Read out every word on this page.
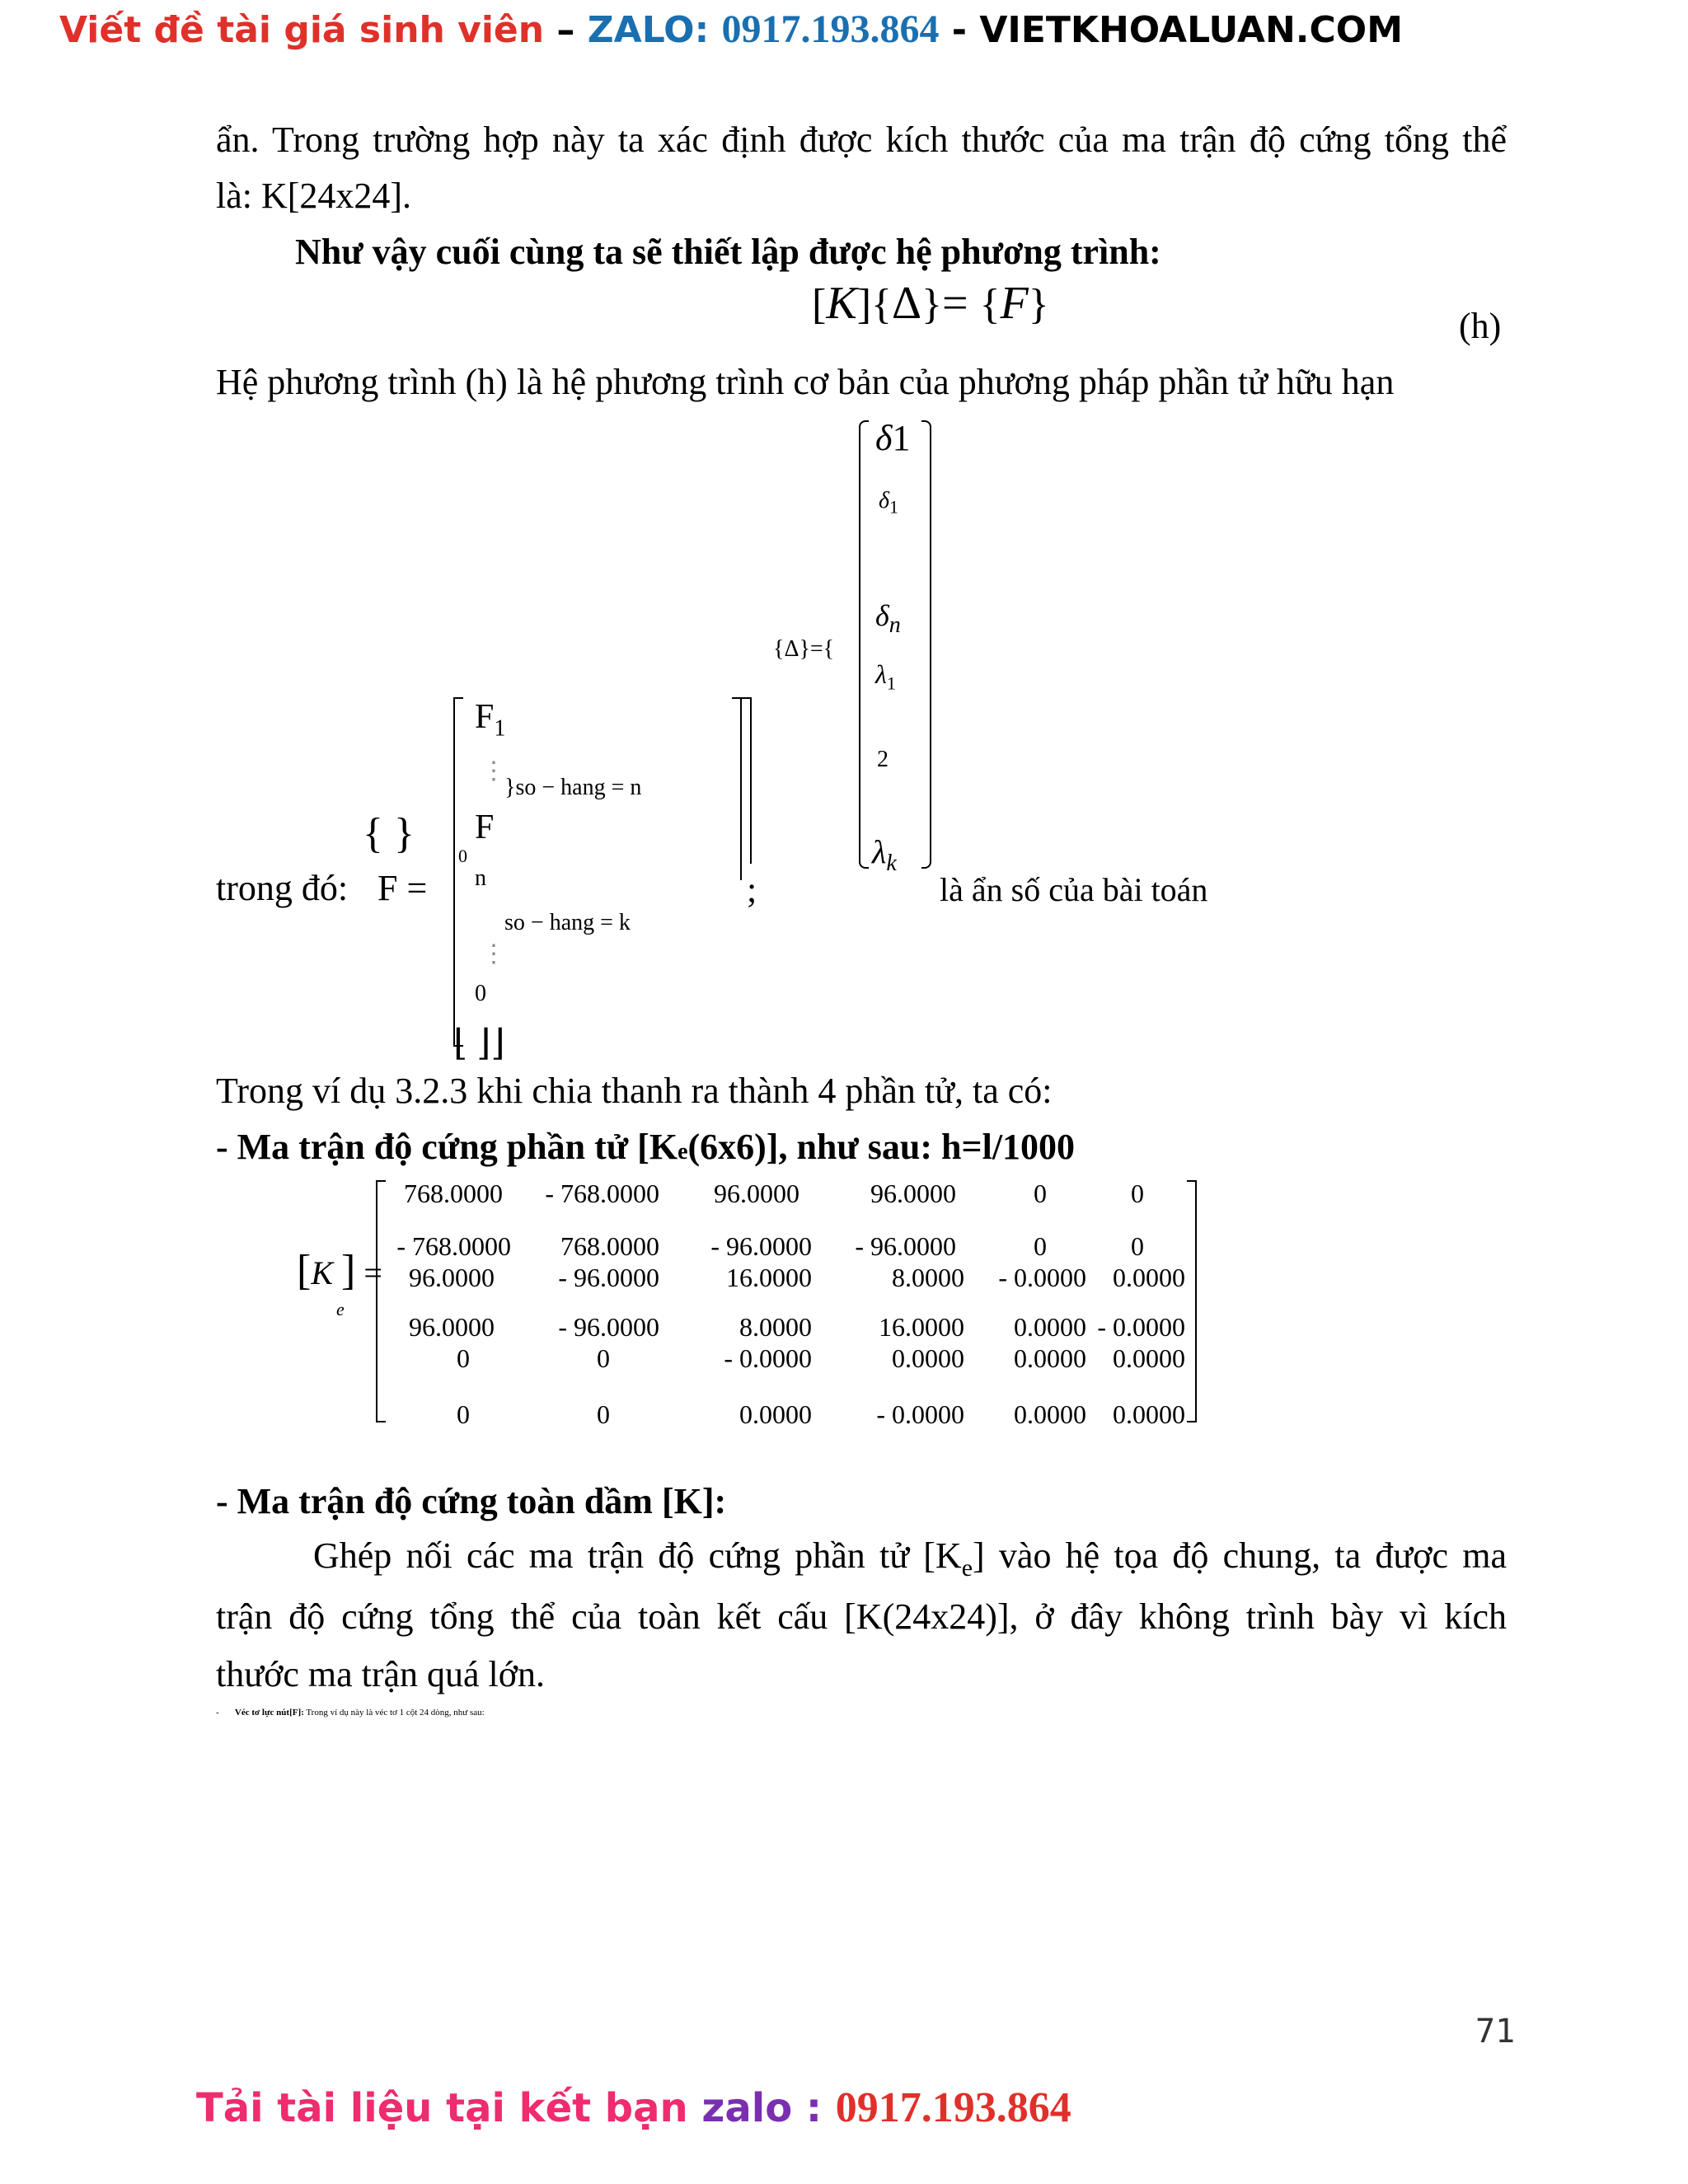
Viết đề tài giá sinh viên – ZALO: 0917.193.864 - VIETKHOALUAN.COM
ẩn. Trong trường hợp này ta xác định được kích thước của ma trận độ cứng tổng thể
là: K[24x24].
Như vậy cuối cùng ta sẽ thiết lập được hệ phương trình:
[K]{Δ}= {F}	(h)
Hệ phương trình (h) là hệ phương trình cơ bản của phương pháp phần tử hữu hạn
δ1
$\delta_1$
$\delta_n$
$\lambda_1$
2
$\lambda_k$
{Δ}={
là ẩn số của bài toán
$F_1$
⋮
}so − hang = n
F
n
0
so − hang = k
⋮
0
⌊ ⌋⌋
trong đó:
{ }
F =	;
Trong ví dụ 3.2.3 khi chia thanh ra thành 4 phần tử, ta có:
- Ma trận độ cứng phần tử [Ke(6x6)], như sau: h=l/1000
[K ] =
e
768.0000	- 768.0000	96.0000	96.0000	0	0
- 768.0000	768.0000	- 96.0000	- 96.0000	0	0
96.0000	- 96.0000	16.0000	8.0000	- 0.0000	0.0000
96.0000	- 96.0000	8.0000	16.0000	0.0000 - 0.0000
0	0	- 0.0000	0.0000	0.0000	0.0000
0	0	0.0000	- 0.0000	0.0000	0.0000
- Ma trận độ cứng toàn dầm [K]:
Ghép nối các ma trận độ cứng phần tử $[K_e]$ vào hệ tọa độ chung, ta được ma
trận độ cứng tổng thể của toàn kết cấu [K(24x24)], ở đây không trình bày vì kích
thước ma trận quá lớn.
- Véc tơ lực nút[F]: Trong ví dụ này là véc tơ 1 cột 24 dòng, như sau:
71
Tải tài liệu tại kết bạn zalo : 0917.193.864
